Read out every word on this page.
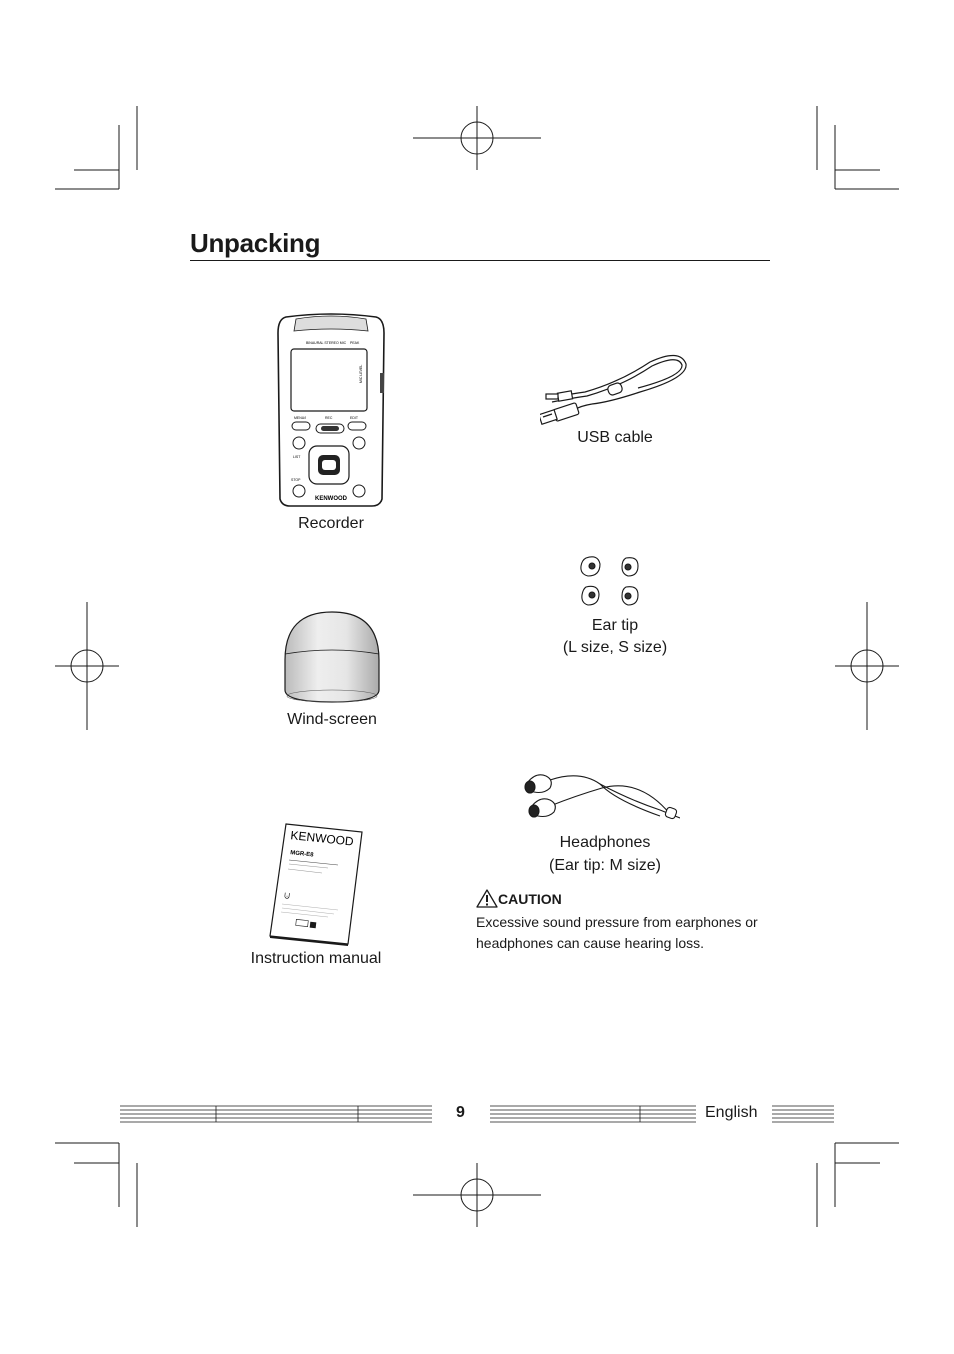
Unpacking
BINAURAL STEREO MIC PEAK
MIC LEVEL
MENU/I	REC	EDIT
LIST
STOP
KENWOOD
Recorder
USB cable
Ear tip
(L size, S size)
Wind-screen
Headphones
(Ear tip: M size)
KENWOOD
MGR-E8
⨃
Instruction manual
CAUTION
Excessive sound pressure from earphones or headphones can cause hearing loss.
9	English
